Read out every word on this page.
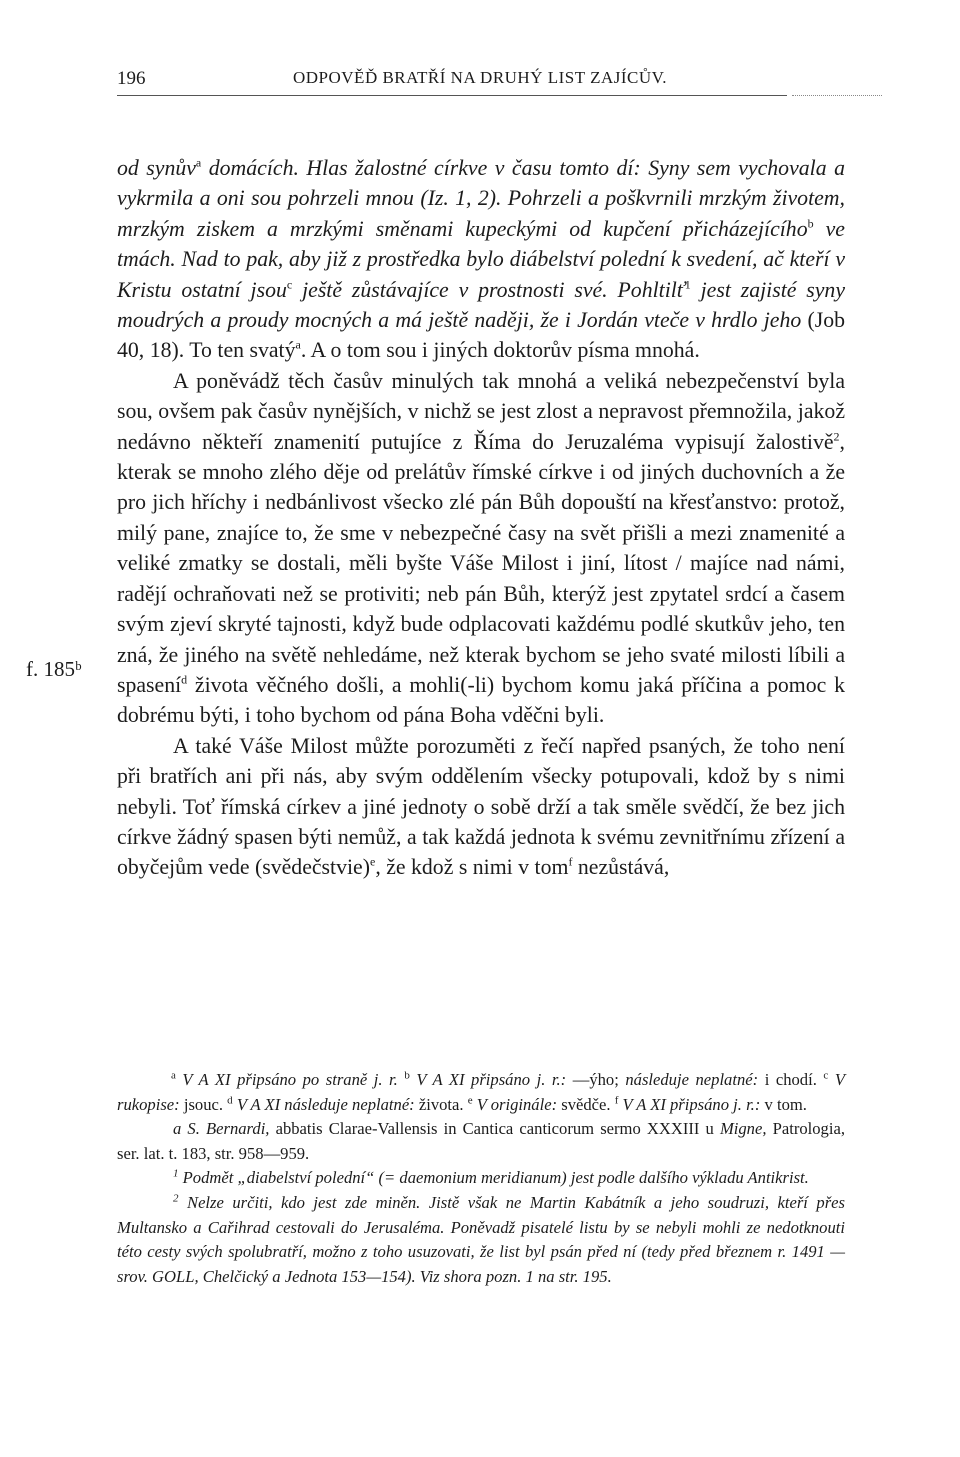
196	ODPOVĚĎ BRATŘÍ NA DRUHÝ LIST ZAJÍCŮV.
f. 185ᵇ

od synův$^a$ domácích. Hlas žalostné církve v času tomto dí: Syny sem vychovala a vykrmila a oni sou pohrzeli mnou (Iz. 1, 2). Pohrzeli a poškvrnili mrzkým životem, mrzkým ziskem a mrzkými směnami kupeckými od kupčení přicházejícího$^b$ ve tmách. Nad to pak, aby již z prostředka bylo diábelství polední k svedení, ač kteří v Kristu ostatní jsou$^c$ ještě zůstávajíce v prostnosti své. Pohltilť$^1$ jest zajisté syny moudrých a proudy mocných a má ještě naději, že i Jordán vteče v hrdlo jeho (Job 40, 18). To ten svatý$^a$. A o tom sou i jiných doktorův písma mnohá.

A poněvádž těch časův minulých tak mnohá a veliká nebezpečenství byla sou, ovšem pak časův nynějších, v nichž se jest zlost a nepravost přemnožila, jakož nedávno někteří znamenití putujíce z Říma do Jeruzaléma vypisují žalostivě$^2$, kterak se mnoho zlého děje od prelátův římské církve i od jiných duchovních a že pro jich hříchy i nedbánlivost všecko zlé pán Bůh dopouští na křesťanstvo: protož, milý pane, znajíce to, že sme v nebezpečné časy na svět přišli a mezi znamenité a veliké zmatky se dostali, měli byšte Váše Milost i jiní, lítost / majíce nad námi, radějí ochraňovati než se protiviti; neb pán Bůh, kterýž jest zpytatel srdcí a časem svým zjeví skryté tajnosti, když bude odplacovati každému podlé skutkův jeho, ten zná, že jiného na světě nehledáme, než kterak bychom se jeho svaté milosti líbili a spasení$^d$ života věčného došli, a mohli(-li) bychom komu jaká příčina a pomoc k dobrému býti, i toho bychom od pána Boha vděčni byli.

A také Váše Milost můžte porozuměti z řečí napřed psaných, že toho není při bratřích ani při nás, aby svým oddělením všecky potupovali, kdož by s nimi nebyli. Toť římská církev a jiné jednoty o sobě drží a tak směle svědčí, že bez jich církve žádný spasen býti nemůž, a tak každá jednota k svému zevnitřnímu zřízení a obyčejům vede (svědečstvie)$^e$, že kdož s nimi v tom$^f$ nezůstává,

$^a$ V A XI připsáno po straně j. r. $^b$ V A XI připsáno j. r.: —ýho; následuje neplatné: i chodí. $^c$ V rukopise: jsouc. $^d$ V A XI následuje neplatné: života. $^e$ V originále: svědče. $^f$ V A XI připsáno j. r.: v tom.

a S. Bernardi, abbatis Clarae-Vallensis in Cantica canticorum sermo XXXIII u Migne, Patrologia, ser. lat. t. 183, str. 958—959.

$^1$ Podmět „diabelství polední“ (= daemonium meridianum) jest podle dalšího výkladu Antikrist.

$^2$ Nelze určiti, kdo jest zde miněn. Jistě však ne Martin Kabátník a jeho soudruzi, kteří přes Multansko a Cařihrad cestovali do Jerusaléma. Poněvadž pisatelé listu by se nebyli mohli ze nedotknouti této cesty svých spolubratří, možno z toho usuzovati, že list byl psán před ní (tedy před březnem r. 1491 — srov. GOLL, Chelčický a Jednota 153—154). Viz shora pozn. 1 na str. 195.
